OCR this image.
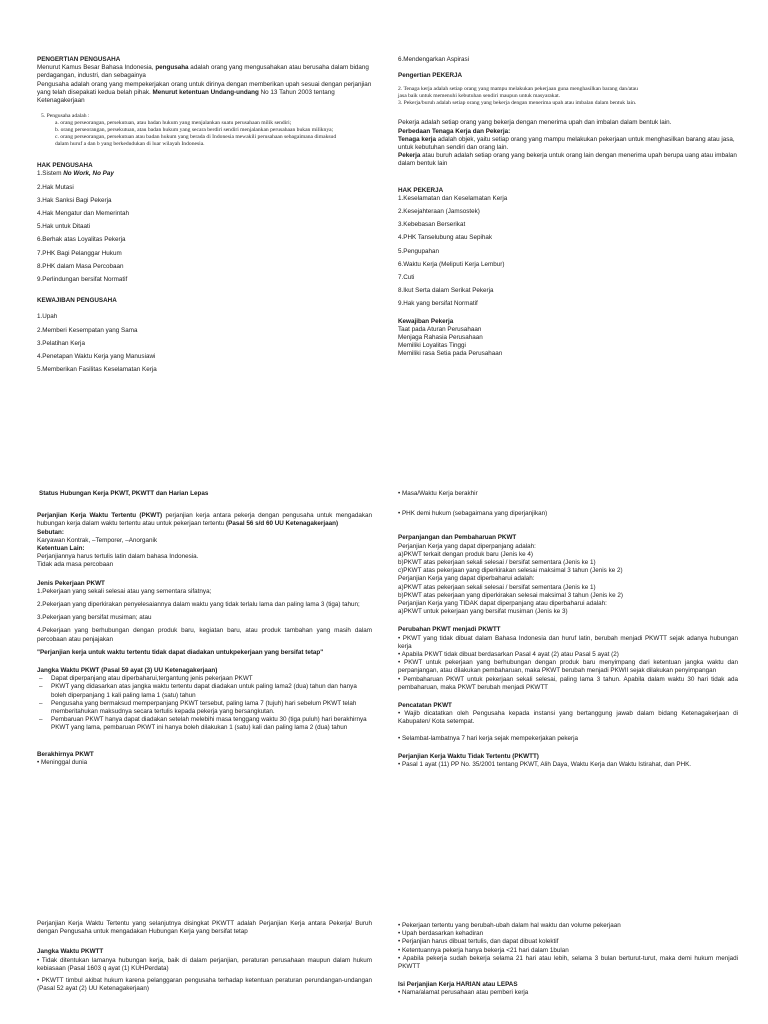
PENGERTIAN PENGUSAHA

Menurut Kamus Besar Bahasa Indonesia, pengusaha adalah orang yang mengusahakan atau berusaha dalam bidang perdagangan, industri, dan sebagainya

Pengusaha adalah orang yang mempekerjakan orang untuk dirinya dengan memberikan upah sesuai dengan perjanjian yang telah disepakati kedua belah pihak. Menurut ketentuan Undang-undang No 13 Tahun 2003 tentang Ketenagakerjaan

5. Pengusaha adalah :
a. orang perseorangan, persekutuan, atau badan hukum yang menjalankan suatu perusahaan milik sendiri;
b. orang perseorangan, persekutuan, atau badan hukum yang secara berdiri sendiri menjalankan perusahaan bukan miliknya;
c. orang perseorangan, persekutuan atau badan hukum yang berada di Indonesia mewakili perusahaan sebagaimana dimaksud dalam huruf a dan b yang berkedudukan di luar wilayah Indonesia.

HAK PENGUSAHA

1.Sistem No Work, No Pay

2.Hak Mutasi

3.Hak Sanksi Bagi Pekerja

4.Hak Mengatur dan Memerintah

5.Hak untuk Ditaati

6.Berhak atas Loyalitas Pekerja

7.PHK Bagi Pelanggar Hukum

8.PHK dalam Masa Percobaan

9.Perlindungan bersifat Normatif

KEWAJIBAN PENGUSAHA

1.Upah

2.Memberi Kesempatan yang Sama

3.Pelatihan Kerja

4.Penetapan Waktu Kerja yang Manusiawi

5.Memberikan Fasilitas Keselamatan Kerja

6.Mendengarkan Aspirasi

Pengertian PEKERJA

2. Tenaga kerja adalah setiap orang yang mampu melakukan pekerjaan guna menghasilkan barang dan/atau jasa baik untuk memenuhi kebutuhan sendiri maupun untuk masyarakat.
3. Pekerja/buruh adalah setiap orang yang bekerja dengan menerima upah atau imbalan dalam bentuk lain.

Pekerja adalah setiap orang yang bekerja dengan menerima upah dan imbalan dalam bentuk lain.

Perbedaan Tenaga Kerja dan Pekerja:

Tenaga kerja adalah objek, yaitu setiap orang yang mampu melakukan pekerjaan untuk menghasilkan barang atau jasa, untuk kebutuhan sendiri dan orang lain.

Pekerja atau buruh adalah setiap orang yang bekerja untuk orang lain dengan menerima upah berupa uang atau imbalan dalam bentuk lain

HAK PEKERJA

1.Keselamatan dan Keselamatan Kerja

2.Kesejahteraan (Jamsostek)

3.Kebebasan Berserikat

4.PHK Tanselubung atau Sepihak

5.Pengupahan

6.Waktu Kerja (Meliputi Kerja Lembur)

7.Cuti

8.Ikut Serta dalam Serikat Pekerja

9.Hak yang bersifat Normatif

Kewajiban Pekerja

Taat pada Aturan Perusahaan

Menjaga Rahasia Perusahaan

Memiliki Loyalitas Tinggi

Memiliki rasa Setia pada Perusahaan

Status Hubungan Kerja PKWT, PKWTT dan Harian Lepas

Perjanjian Kerja Waktu Tertentu (PKWT) perjanjian kerja antara pekerja dengan pengusaha untuk mengadakan hubungan kerja dalam waktu tertentu atau untuk pekerjaan tertentu (Pasal 56 s/d 60 UU Ketenagakerjaan)

Sebutan:

Karyawan Kontrak, –Temporer, –Anorganik

Ketentuan Lain:

Perjanjiannya harus tertulis latin dalam bahasa Indonesia.

Tidak ada masa percobaan

Jenis Pekerjaan PKWT

1.Pekerjaan yang sekali selesai atau yang sementara sifatnya;

2.Pekerjaan yang diperkirakan penyelesaiannya dalam waktu yang tidak terlalu lama dan paling lama 3 (tiga) tahun;

3.Pekerjaan yang bersifat musiman; atau

4.Pekerjaan yang berhubungan dengan produk baru, kegiatan baru, atau produk tambahan yang masih dalam percobaan atau penjajakan

"Perjanjian kerja untuk waktu tertentu tidak dapat diadakan untukpekerjaan yang bersifat tetap"

Jangka Waktu PKWT (Pasal 59 ayat (3) UU Ketenagakerjaan)

– Dapat diperpanjang atau diperbaharui,tergantung jenis pekerjaan PKWT
– PKWT yang didasarkan atas jangka waktu tertentu dapat diadakan untuk paling lama2 (dua) tahun dan hanya boleh diperpanjang 1 kali paling lama 1 (satu) tahun
– Pengusaha yang bermaksud memperpanjang PKWT tersebut, paling lama 7 (tujuh) hari sebelum PKWT telah memberitahukan maksudnya secara tertulis kepada pekerja yang bersangkutan.
– Pembaruan PKWT hanya dapat diadakan setelah melebihi masa tenggang waktu 30 (tiga puluh) hari berakhirnya PKWT yang lama, pembaruan PKWT ini hanya boleh dilakukan 1 (satu) kali dan paling lama 2 (dua) tahun

Berakhirnya PKWT

• Meninggal dunia

• Masa/Waktu Kerja berakhir

• PHK demi hukum (sebagaimana yang diperjanjikan)

Perpanjangan dan Pembaharuan PKWT

Perjanjian Kerja yang dapat diperpanjang adalah:

a)PKWT terkait dengan produk baru (Jenis ke 4)

b)PKWT atas pekerjaan sekali selesai / bersifat sementara (Jenis ke 1)

c)PKWT atas pekerjaan yang diperkirakan selesai maksimal 3 tahun (Jenis ke 2)

Perjanjian Kerja yang dapat diperbaharui adalah:

a)PKWT atas pekerjaan sekali selesai / bersifat sementara (Jenis ke 1)

b)PKWT atas pekerjaan yang diperkirakan selesai maksimal 3 tahun (Jenis ke 2)

Perjanjian Kerja yang TIDAK dapat diperpanjang atau diperbaharui adalah:

a)PKWT untuk pekerjaan yang bersifat musiman (Jenis ke 3)

Perubahan PKWT menjadi PKWTT

• PKWT yang tidak dibuat dalam Bahasa Indonesia dan huruf latin, berubah menjadi PKWTT sejak adanya hubungan kerja

• Apabila PKWT tidak dibuat berdasarkan Pasal 4 ayat (2) atau Pasal 5 ayat (2)

• PKWT untuk pekerjaan yang berhubungan dengan produk baru menyimpang dari ketentuan jangka waktu dan perpanjangan, atau dilakukan pembaharuan, maka PKWT berubah menjadi PKWII sejak dilakukan penyimpangan

• Pembaharuan PKWT untuk pekerjaan sekali selesai, paling lama 3 tahun. Apabila dalam waktu 30 hari tidak ada pembaharuan, maka PKWT berubah menjadi PKWTT

Pencatatan PKWT

• Wajib dicatatkan oleh Pengusaha kepada instansi yang bertanggung jawab dalam bidang Ketenagakerjaan di Kabupaten/ Kota setempat.

• Selambat-lambatnya 7 hari kerja sejak mempekerjakan pekerja

Perjanjian Kerja Waktu Tidak Tertentu (PKWTT)

• Pasal 1 ayat (11) PP No. 35/2001 tentang PKWT, Alih Daya, Waktu Kerja dan Waktu Istirahat, dan PHK.

Perjanjian Kerja Waktu Tertentu yang selanjutnya disingkat PKWTT adalah Perjanjian Kerja antara Pekerja/ Buruh dengan Pengusaha untuk mengadakan Hubungan Kerja yang bersifat tetap

Jangka Waktu PKWTT

• Tidak ditentukan lamanya hubungan kerja, baik di dalam perjanjian, peraturan perusahaan maupun dalam hukum kebiasaan (Pasal 1603 q ayat (1) KUHPerdata)

• PKWTT timbul akibat hukum karena pelanggaran pengusaha terhadap ketentuan peraturan perundangan-undangan (Pasal 52 ayat (2) UU Ketenagakerjaan)

• Pekerjaan tertentu yang berubah-ubah dalam hal waktu dan volume pekerjaan

• Upah berdasarkan kehadiran

• Perjanjian harus dibuat tertulis, dan dapat dibuat kolektif

• Ketentuannya pekerja hanya bekerja <21 hari dalam 1bulan

• Apabila pekerja sudah bekerja selama 21 hari atau lebih, selama 3 bulan berturut-turut, maka demi hukum menjadi PKWTT

Isi Perjanjian Kerja HARIAN atau LEPAS

• Nama/alamat perusahaan atau pemberi kerja
